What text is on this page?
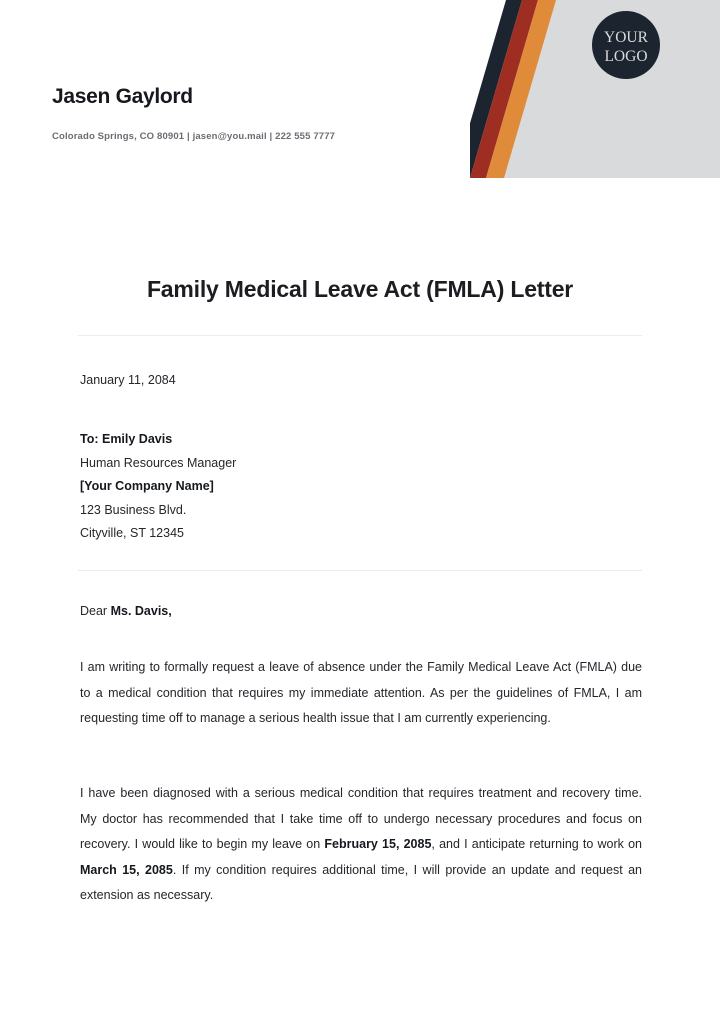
YOUR
LOGO
Jasen Gaylord

Colorado Springs, CO 80901 | jasen@you.mail | 222 555 7777

Family Medical Leave Act (FMLA) Letter

January 11, 2084

To: Emily Davis
Human Resources Manager
[Your Company Name]
123 Business Blvd.
Cityville, ST 12345

Dear Ms. Davis,

I am writing to formally request a leave of absence under the Family Medical Leave Act (FMLA) due to a medical condition that requires my immediate attention. As per the guidelines of FMLA, I am requesting time off to manage a serious health issue that I am currently experiencing.

I have been diagnosed with a serious medical condition that requires treatment and recovery time. My doctor has recommended that I take time off to undergo necessary procedures and focus on recovery. I would like to begin my leave on February 15, 2085, and I anticipate returning to work on March 15, 2085. If my condition requires additional time, I will provide an update and request an extension as necessary.
